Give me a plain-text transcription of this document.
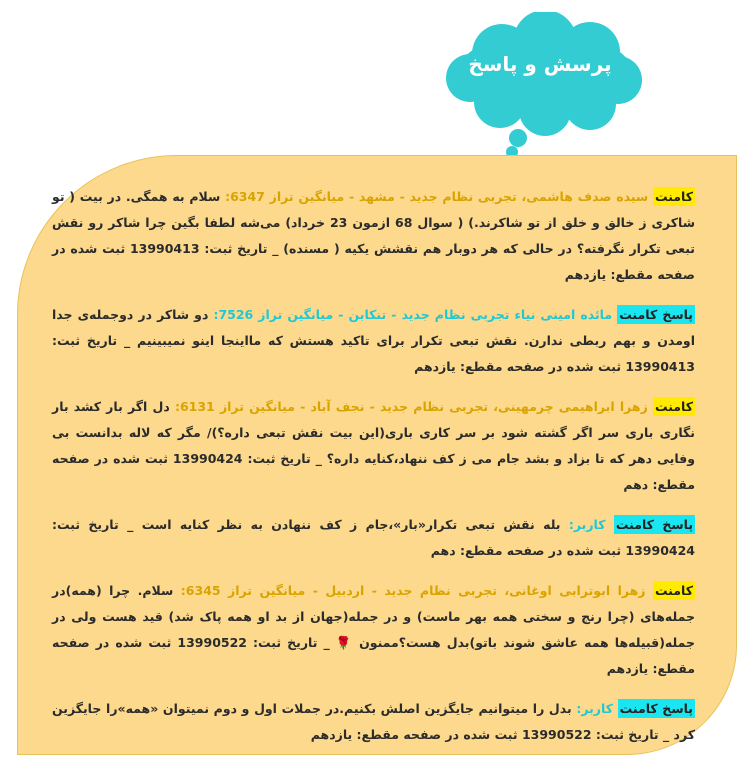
پرسش و پاسخ
کامنت سیده صدف هاشمی، تجربی نظام جدید - مشهد - میانگین تراز 6347: سلام به همگی. در بیت ( تو شاکری ز خالق و خلق از تو شاکرند.) ( سوال 68 ازمون 23 خرداد) می‌شه لطفا بگین چرا شاکر رو نقش تبعی تکرار نگرفته؟ در حالی که هر دوبار هم نقشش یکیه ( مسنده) _ تاریخ ثبت: 13990413 ثبت شده در صفحه مقطع: یازدهم
پاسخ کامنت مائده امینی نیاء تجربی نظام جدید - تنکابن - میانگین تراز 7526: دو شاکر در دوجمله‌ی جدا اومدن و بهم ربطی ندارن. نقش تبعی تکرار برای تاکید هستش که مااینجا اینو نمیبینیم _ تاریخ ثبت: 13990413 ثبت شده در صفحه مقطع: یازدهم
کامنت زهرا ابراهیمی چرمهینی، تجربی نظام جدید - نجف آباد - میانگین تراز 6131: دل اگر بار کشد بار نگاری باری سر اگر گشته شود بر سر کاری باری(این بیت نقش تبعی داره؟)/ مگر که لاله بدانست بی وفایی دهر که تا بزاد و بشد جام می ز کف ننهاد،کنایه داره؟ _ تاریخ ثبت: 13990424 ثبت شده در صفحه مقطع: دهم
پاسخ کامنت کاربر: بله نقش تبعی تکرار«بار»،جام ز کف ننهادن به نظر کنایه است _ تاریخ ثبت: 13990424 ثبت شده در صفحه مقطع: دهم
کامنت زهرا ابوترابی اوغانی، تجربی نظام جدید - اردبیل - میانگین تراز 6345: سلام. چرا (همه)در جمله‌های (چرا رنج و سختی همه بهر ماست) و در جمله(جهان از بد او همه پاک شد) قید هست ولی در جمله(قبیله‌ها همه عاشق شوند باتو)بدل هست؟ممنون 🌹 _ تاریخ ثبت: 13990522 ثبت شده در صفحه مقطع: یازدهم
پاسخ کامنت کاربر: بدل را میتوانیم جایگزین اصلش بکنیم.در جملات اول و دوم نمیتوان «همه»را جایگزین کرد _ تاریخ ثبت: 13990522 ثبت شده در صفحه مقطع: یازدهم
